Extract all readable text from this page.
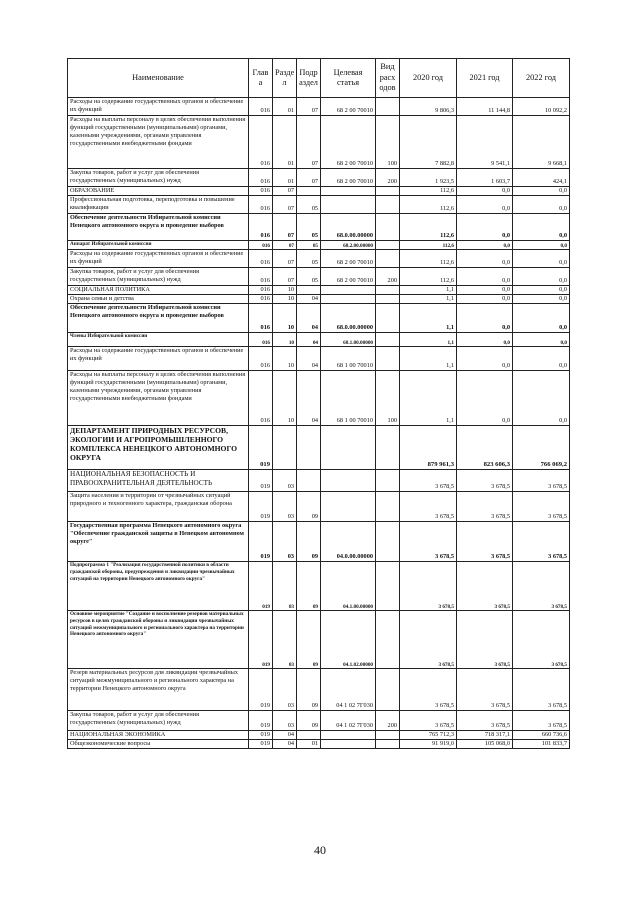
Наименование	Глав а	Разде л	Подр аздел	Целевая статья	Вид расх одов	2020 год	2021 год	2022 год
Расходы на содержание государственных органов и обеспечение их функций	016	01	07	68 2 00 70010		9 806,3	11 144,8	10 092,2
Расходы на выплаты персоналу в целях обеспечения выполнения функций государственными (муниципальными) органами, казенными учреждениями, органами управления государственными внебюджетными фондами	016	01	07	68 2 00 70010	100	7 882,8	9 541,1	9 668,1
Закупка товаров, работ и услуг для обеспечения государственных (муниципальных) нужд	016	01	07	68 2 00 70010	200	1 923,5	1 603,7	424,1
ОБРАЗОВАНИЕ	016	07				112,6	0,0	0,0
Профессиональная подготовка, переподготовка и повышение квалификации	016	07	05			112,6	0,0	0,0
Обеспечение деятельности Избирательной комиссии Ненецкого автономного округа и проведение выборов	016	07	05	68.0.00.00000		112,6	0,0	0,0
Аппарат Избирательной комиссии	016	07	05	68.2.00.00000		112,6	0,0	0,0
Расходы на содержание государственных органов и обеспечение их функций	016	07	05	68 2 00 70010		112,6	0,0	0,0
Закупка товаров, работ и услуг для обеспечения государственных (муниципальных) нужд	016	07	05	68 2 00 70010	200	112,6	0,0	0,0
СОЦИАЛЬНАЯ ПОЛИТИКА	016	10				1,1	0,0	0,0
Охрана семьи и детства	016	10	04			1,1	0,0	0,0
Обеспечение деятельности Избирательной комиссии Ненецкого автономного округа и проведение выборов	016	10	04	68.0.00.00000		1,1	0,0	0,0
Члены Избирательной комиссии	016	10	04	68.1.00.00000		1,1	0,0	0,0
Расходы на содержание государственных органов и обеспечение их функций	016	10	04	68 1 00 70010		1,1	0,0	0,0
Расходы на выплаты персоналу в целях обеспечения выполнения функций государственными (муниципальными) органами, казенными учреждениями, органами управления государственными внебюджетными фондами	016	10	04	68 1 00 70010	100	1,1	0,0	0,0
ДЕПАРТАМЕНТ ПРИРОДНЫХ РЕСУРСОВ, ЭКОЛОГИИ И АГРОПРОМЫШЛЕННОГО КОМПЛЕКСА НЕНЕЦКОГО АВТОНОМНОГО ОКРУГА	019					879 961,3	823 606,3	766 069,2
НАЦИОНАЛЬНАЯ БЕЗОПАСНОСТЬ И ПРАВООХРАНИТЕЛЬНАЯ ДЕЯТЕЛЬНОСТЬ	019	03				3 678,5	3 678,5	3 678,5
Защита населения и территории от чрезвычайных ситуаций природного и техногенного характера, гражданская оборона	019	03	09			3 678,5	3 678,5	3 678,5
Государственная программа Ненецкого автономного округа "Обеспечение гражданской защиты в Ненецком автономном округе"	019	03	09	04.0.00.00000		3 678,5	3 678,5	3 678,5
Подпрограмма 1 "Реализация государственной политики в области гражданской обороны, предупреждения и ликвидации чрезвычайных ситуаций на территории Ненецкого автономного округа"	019	03	09	04.1.00.00000		3 678,5	3 678,5	3 678,5
Основное мероприятие "Создание и восполнение резервов материальных ресурсов в целях гражданской обороны и ликвидации чрезвычайных ситуаций межмуниципального и регионального характера на территории Ненецкого автономного округа"	019	03	09	04.1.02.00000		3 678,5	3 678,5	3 678,5
Резерв материальных ресурсов для ликвидации чрезвычайных ситуаций межмуниципального и регионального характера на территории Ненецкого автономного округа	019	03	09	04 1 02 7Г030		3 678,5	3 678,5	3 678,5
Закупка товаров, работ и услуг для обеспечения государственных (муниципальных) нужд	019	03	09	04 1 02 7Г030	200	3 678,5	3 678,5	3 678,5
НАЦИОНАЛЬНАЯ ЭКОНОМИКА	019	04				765 712,3	718 317,1	660 736,6
Общеэкономические вопросы	019	04	01			91 919,0	105 068,0	101 833,7
40
